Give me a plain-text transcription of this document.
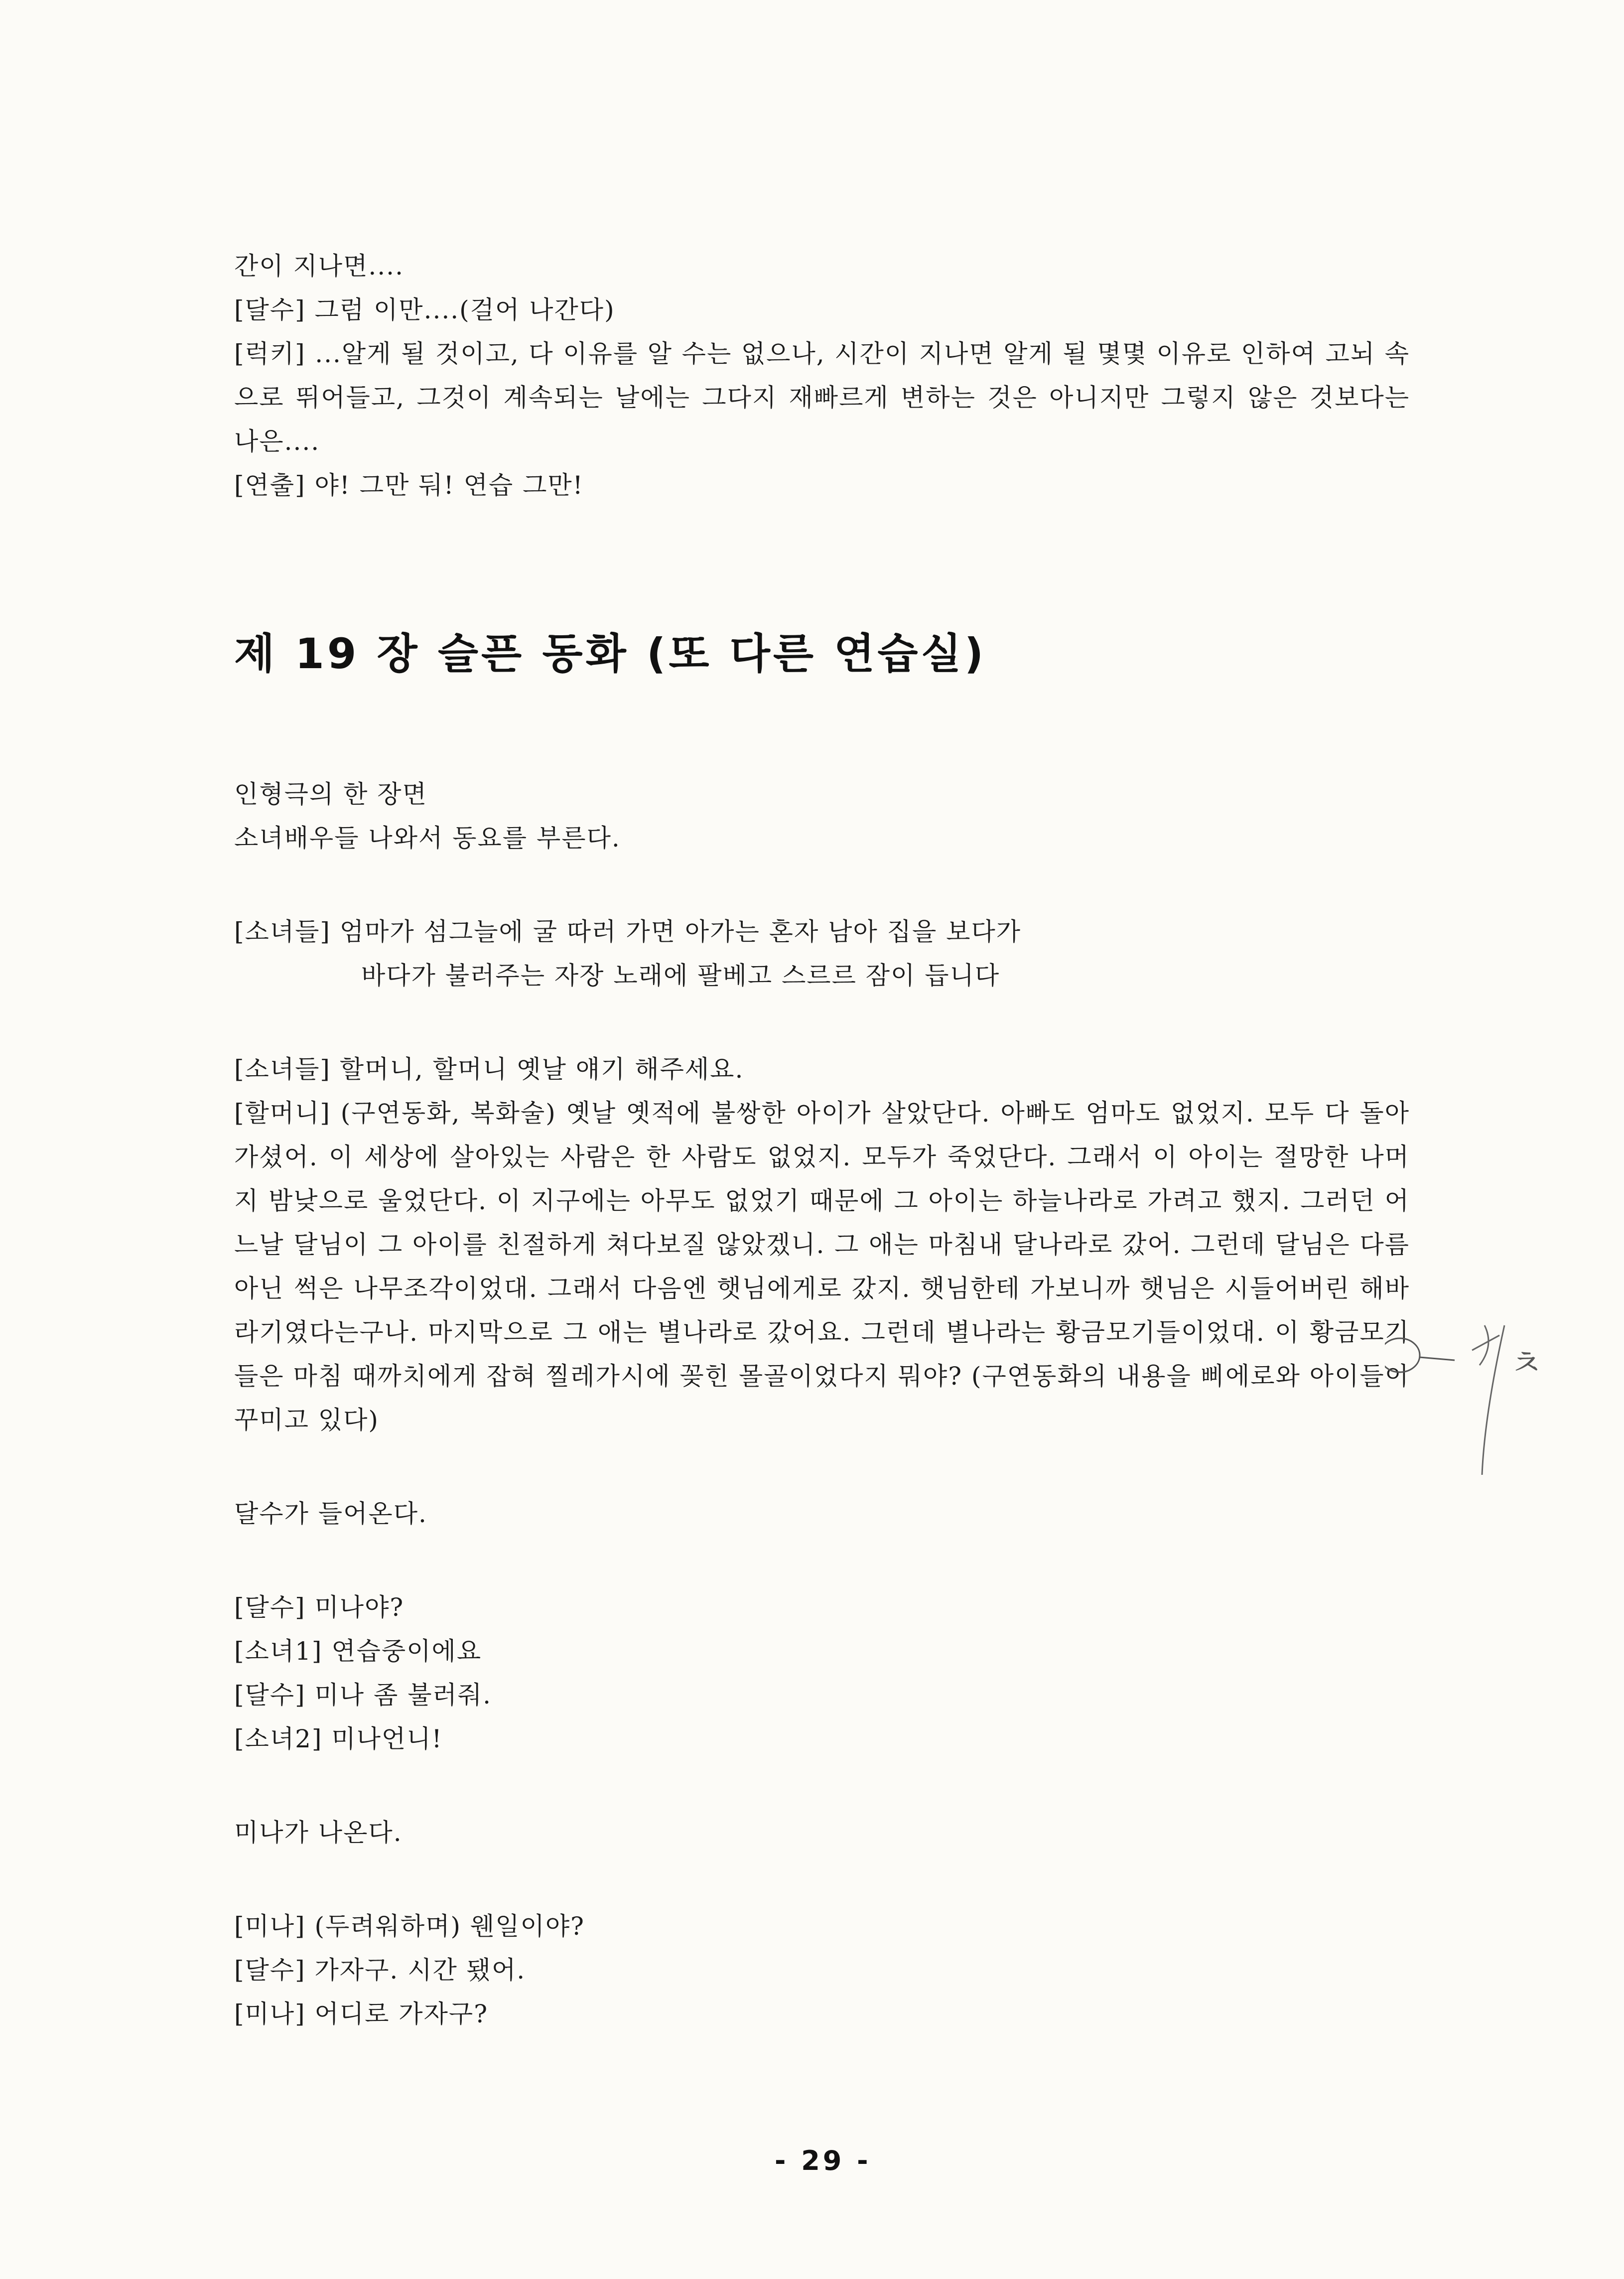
간이 지나면....
[달수] 그럼 이만....(걸어 나간다)

[럭키] ...알게 될 것이고, 다 이유를 알 수는 없으나, 시간이 지나면 알게 될 몇몇 이유로 인하여 고뇌 속으로 뛰어들고, 그것이 계속되는 날에는 그다지 재빠르게 변하는 것은 아니지만 그렇지 않은 것보다는 나은....

[연출] 야! 그만 둬! 연습 그만!
제 19 장 슬픈 동화 (또 다른 연습실)
인형극의 한 장면
소녀배우들 나와서 동요를 부른다.
[소녀들] 엄마가 섬그늘에 굴 따러 가면 아가는 혼자 남아 집을 보다가
바다가 불러주는 자장 노래에 팔베고 스르르 잠이 듭니다
[소녀들] 할머니, 할머니 옛날 얘기 해주세요.

[할머니] (구연동화, 복화술) 옛날 옛적에 불쌍한 아이가 살았단다. 아빠도 엄마도 없었지. 모두 다 돌아가셨어. 이 세상에 살아있는 사람은 한 사람도 없었지. 모두가 죽었단다. 그래서 이 아이는 절망한 나머지 밤낮으로 울었단다. 이 지구에는 아무도 없었기 때문에 그 아이는 하늘나라로 가려고 했지. 그러던 어느날 달님이 그 아이를 친절하게 쳐다보질 않았겠니. 그 애는 마침내 달나라로 갔어. 그런데 달님은 다름아닌 썩은 나무조각이었대. 그래서 다음엔 햇님에게로 갔지. 햇님한테 가보니까 햇님은 시들어버린 해바라기였다는구나. 마지막으로 그 애는 별나라로 갔어요. 그런데 별나라는 황금모기들이었대. 이 황금모기들은 마침 때까치에게 잡혀 찔레가시에 꽂힌 몰골이었다지 뭐야? (구연동화의 내용을 삐에로와 아이들이 꾸미고 있다)

달수가 들어온다.
[달수] 미나야?
[소녀1] 연습중이에요
[달수] 미나 좀 불러줘.
[소녀2] 미나언니!
미나가 나온다.
[미나] (두려워하며) 웬일이야?
[달수] 가자구. 시간 됐어.
[미나] 어디로 가자구?
ㅊ
- 29 -
